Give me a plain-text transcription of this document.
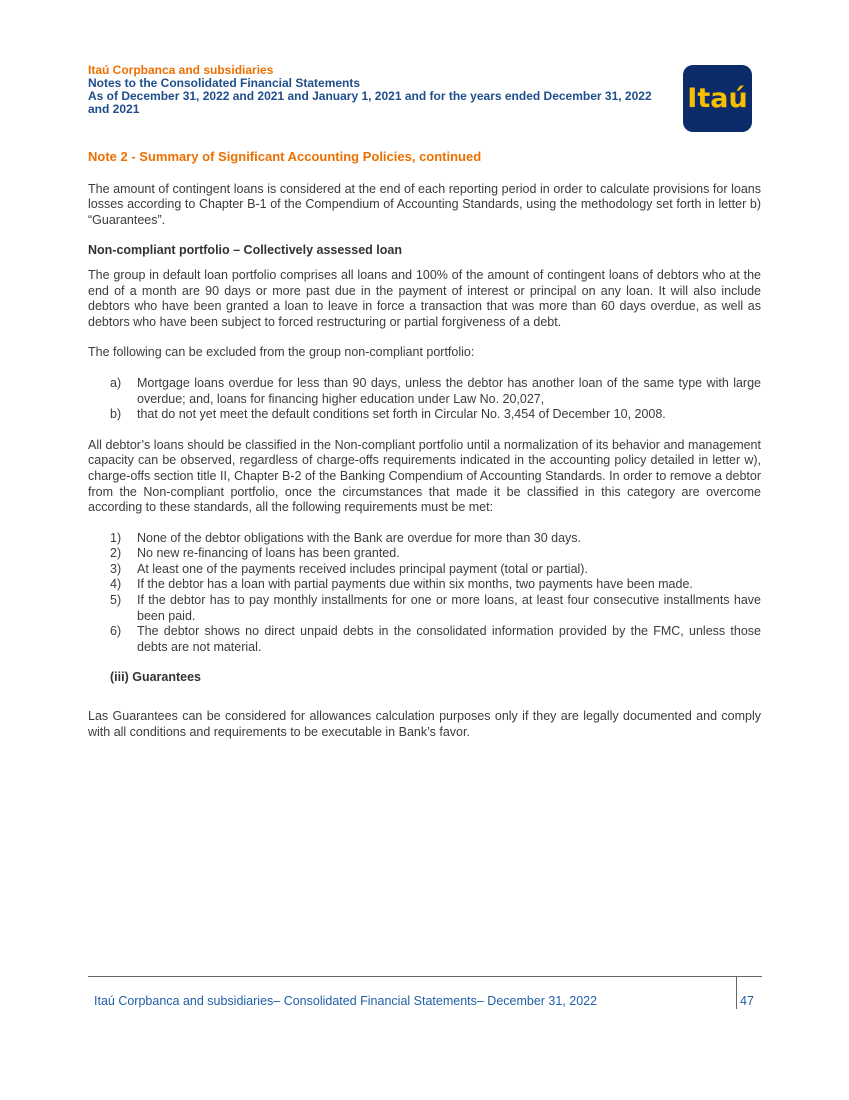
Itaú Corpbanca and subsidiaries
Notes to the Consolidated Financial Statements
As of December 31, 2022 and 2021 and January 1, 2021 and for the years ended December 31, 2022
and 2021	Itaú
Note 2 - Summary of Significant Accounting Policies, continued

The amount of contingent loans is considered at the end of each reporting period in order to calculate provisions for loans losses according to Chapter B-1 of the Compendium of Accounting Standards, using the methodology set forth in letter b) “Guarantees”.

Non-compliant portfolio – Collectively assessed loan

The group in default loan portfolio comprises all loans and 100% of the amount of contingent loans of debtors who at the end of a month are 90 days or more past due in the payment of interest or principal on any loan. It will also include debtors who have been granted a loan to leave in force a transaction that was more than 60 days overdue, as well as debtors who have been subject to forced restructuring or partial forgiveness of a debt.

The following can be excluded from the group non-compliant portfolio:

a) Mortgage loans overdue for less than 90 days, unless the debtor has another loan of the same type with large overdue; and, loans for financing higher education under Law No. 20,027,
b) that do not yet meet the default conditions set forth in Circular No. 3,454 of December 10, 2008.

All debtor’s loans should be classified in the Non-compliant portfolio until a normalization of its behavior and management capacity can be observed, regardless of charge-offs requirements indicated in the accounting policy detailed in letter w), charge-offs section title II, Chapter B-2 of the Banking Compendium of Accounting Standards. In order to remove a debtor from the Non-compliant portfolio, once the circumstances that made it be classified in this category are overcome according to these standards, all the following requirements must be met:

1) None of the debtor obligations with the Bank are overdue for more than 30 days.
2) No new re-financing of loans has been granted.
3) At least one of the payments received includes principal payment (total or partial).
4) If the debtor has a loan with partial payments due within six months, two payments have been made.
5) If the debtor has to pay monthly installments for one or more loans, at least four consecutive installments have been paid.
6) The debtor shows no direct unpaid debts in the consolidated information provided by the FMC, unless those debts are not material.
(iii) Guarantees

Las Guarantees can be considered for allowances calculation purposes only if they are legally documented and comply with all conditions and requirements to be executable in Bank’s favor.

Itaú Corpbanca and subsidiaries– Consolidated Financial Statements– December 31, 2022	47
